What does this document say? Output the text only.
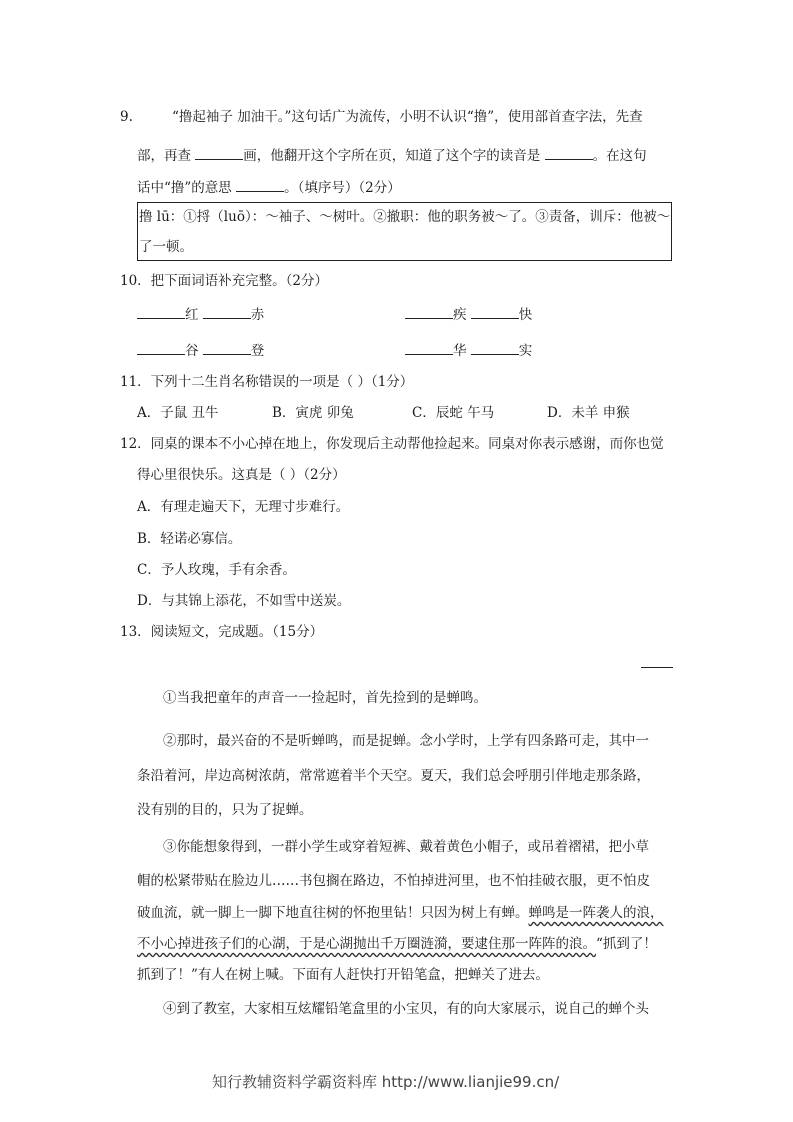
9.	“撸起袖子 加油干。”这句话广为流传，小明不认识“撸”，使用部首查字法，先查
部，再查	画，他翻开这个字所在页，知道了这个字的读音是	。在这句
话中“撸”的意思	。（填序号）（2分）
撸 lū：①捋（luō）：～袖子、～树叶。②撤职：他的职务被～了。③责备，训斥：他被～
了一顿。
10．把下面词语补充完整。（2分）
红	赤	疾	快
谷	登	华	实
11．下列十二生肖名称错误的一项是（ ）（1分）
A．子鼠 丑牛	B．寅虎 卯兔	C．辰蛇 午马	D．未羊 申猴
12．同桌的课本不小心掉在地上，你发现后主动帮他捡起来。同桌对你表示感谢，而你也觉
得心里很快乐。这真是（ ）（2分）
A．有理走遍天下，无理寸步难行。
B．轻诺必寡信。
C．予人玫瑰，手有余香。
D．与其锦上添花，不如雪中送炭。
13．阅读短文，完成题。（15分）
①当我把童年的声音一一捡起时，首先捡到的是蝉鸣。
②那时，最兴奋的不是听蝉鸣，而是捉蝉。念小学时，上学有四条路可走，其中一
条沿着河，岸边高树浓荫，常常遮着半个天空。夏天，我们总会呼朋引伴地走那条路，
没有别的目的，只为了捉蝉。
③你能想象得到，一群小学生或穿着短裤、戴着黄色小帽子，或吊着褶裙，把小草
帽的松紧带贴在脸边儿……书包搁在路边，不怕掉进河里，也不怕挂破衣服，更不怕皮
破血流，就一脚上一脚下地直往树的怀抱里钻！只因为树上有蝉。蝉鸣是一阵袭人的浪，
不小心掉进孩子们的心湖，于是心湖抛出千万圈涟漪，要逮住那一阵阵的浪。“抓到了！
抓到了！”有人在树上喊。下面有人赶快打开铅笔盒，把蝉关了进去。
④到了教室，大家相互炫耀铅笔盒里的小宝贝，有的向大家展示，说自己的蝉个头
知行教辅资料学霸资料库 http://www.lianjie99.cn/
